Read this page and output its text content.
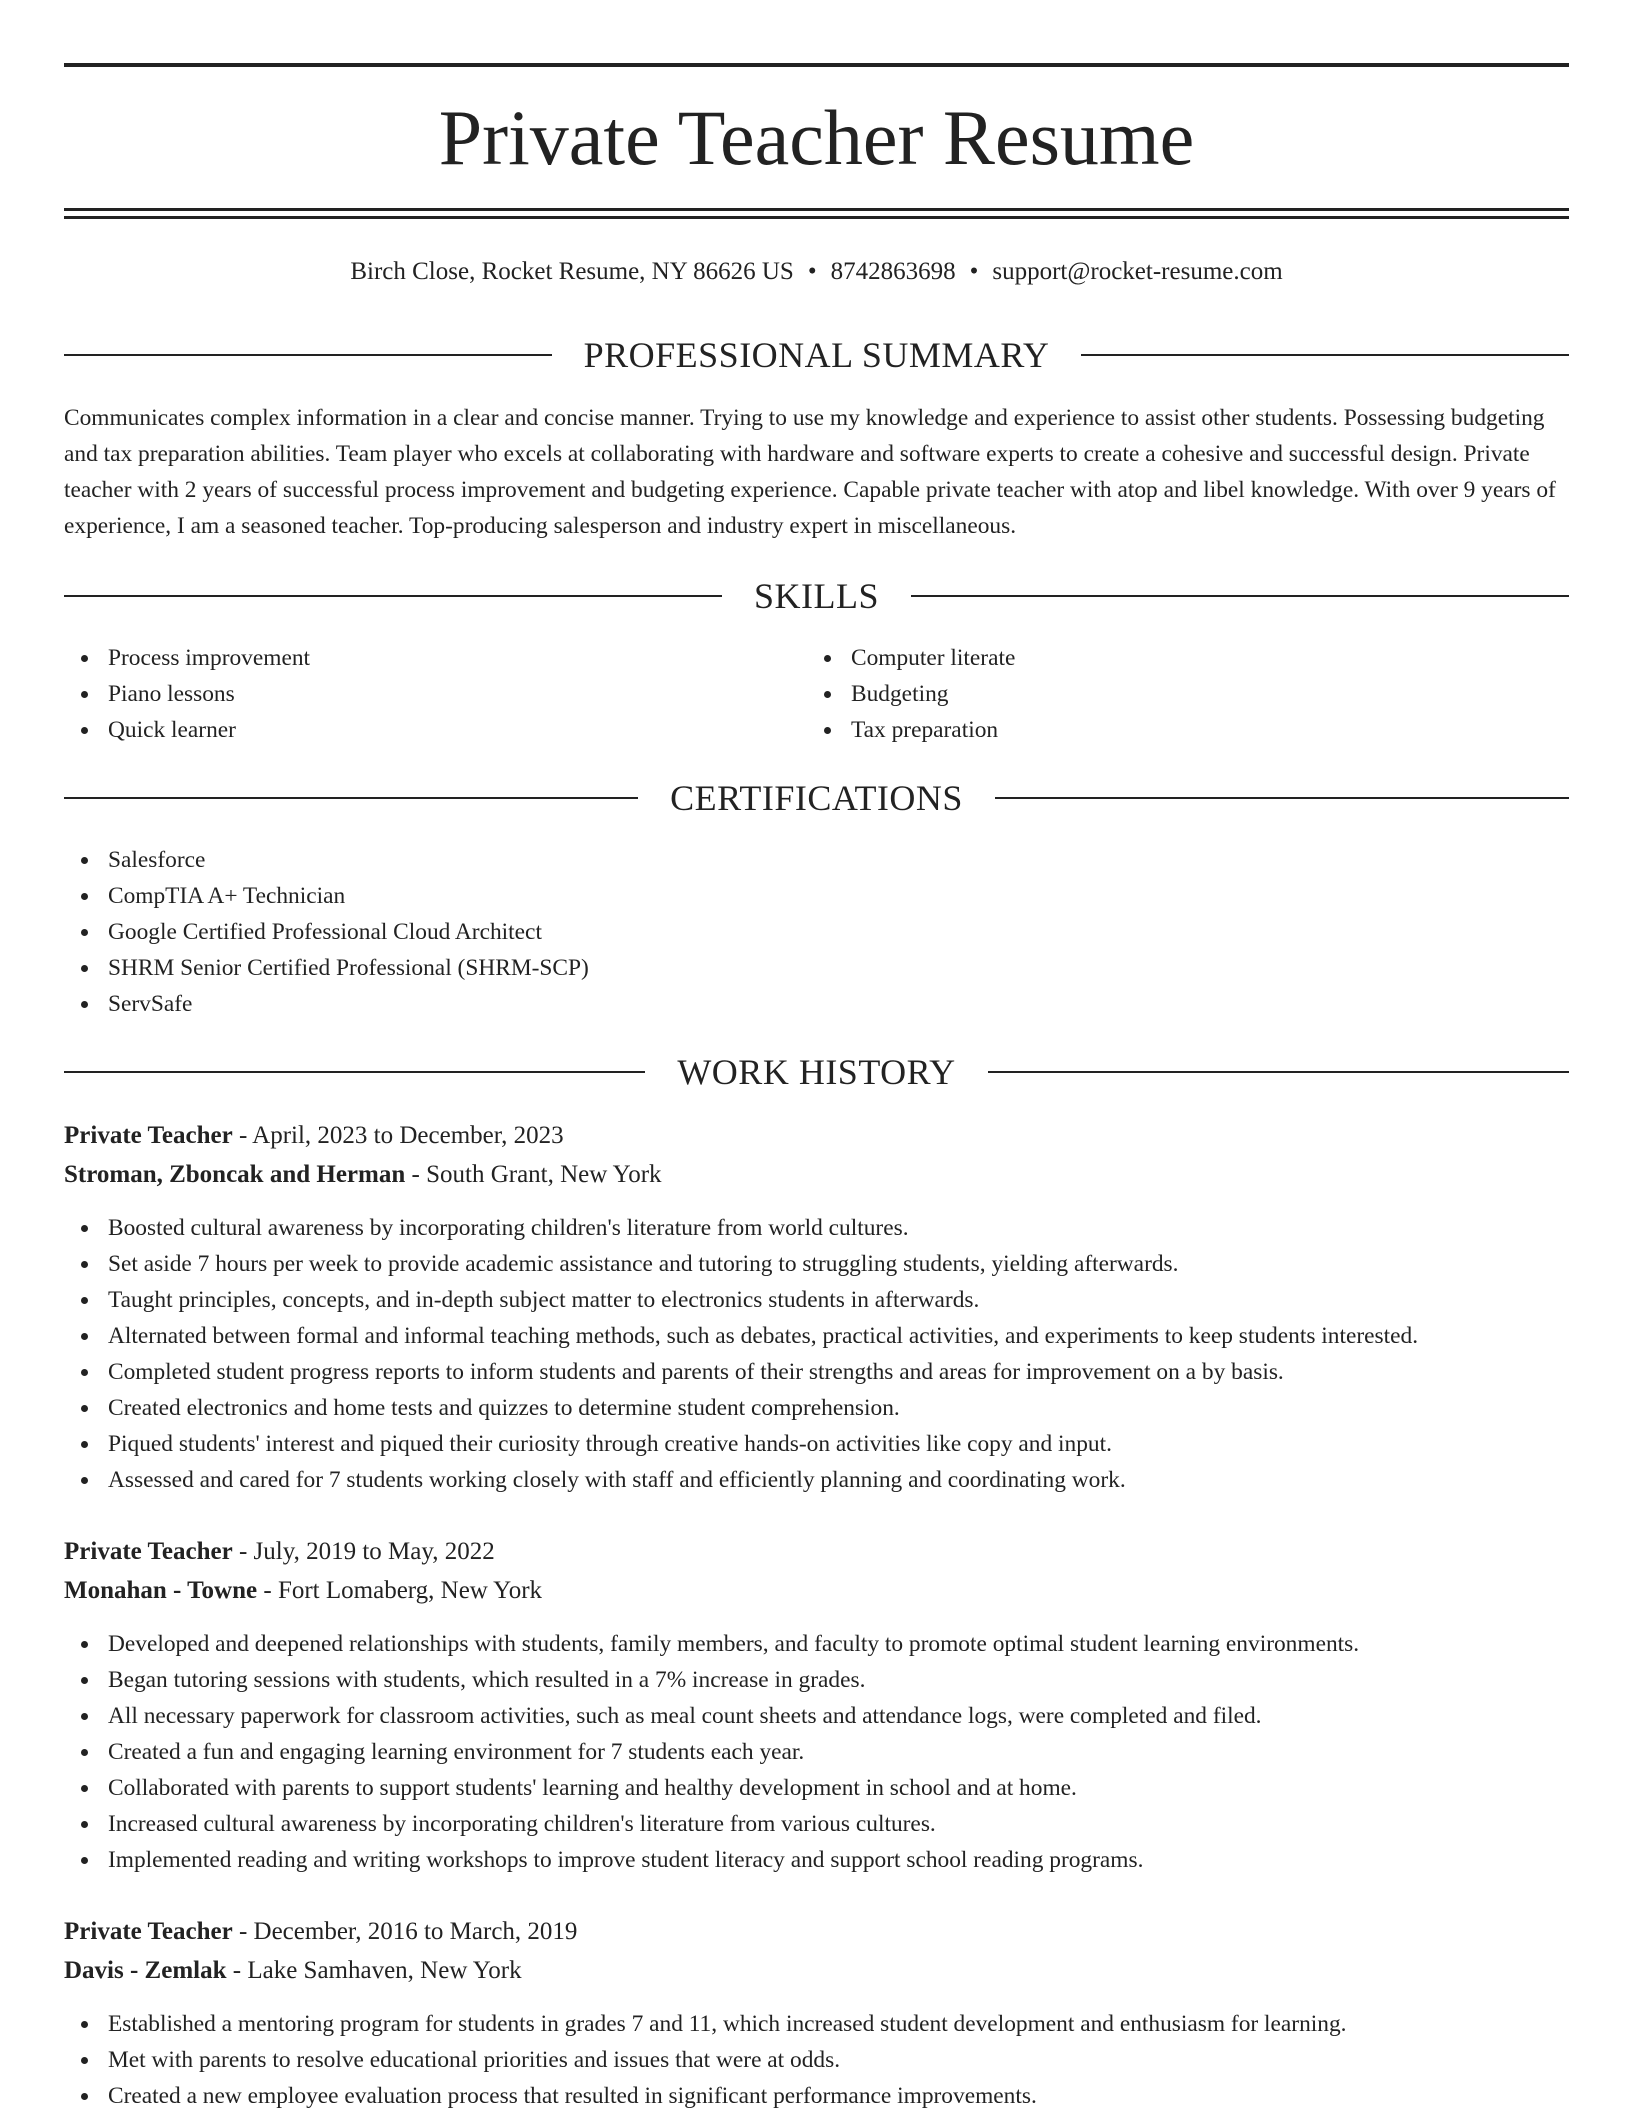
Private Teacher Resume
Birch Close, Rocket Resume, NY 86626 US • 8742863698 • support@rocket-resume.com
PROFESSIONAL SUMMARY

Communicates complex information in a clear and concise manner. Trying to use my knowledge and experience to assist other students. Possessing budgeting and tax preparation abilities. Team player who excels at collaborating with hardware and software experts to create a cohesive and successful design. Private teacher with 2 years of successful process improvement and budgeting experience. Capable private teacher with atop and libel knowledge. With over 9 years of experience, I am a seasoned teacher. Top-producing salesperson and industry expert in miscellaneous.

SKILLS
Process improvement
Piano lessons
Quick learner
Computer literate
Budgeting
Tax preparation
CERTIFICATIONS
Salesforce
CompTIA A+ Technician
Google Certified Professional Cloud Architect
SHRM Senior Certified Professional (SHRM-SCP)
ServSafe
WORK HISTORY
Private Teacher - April, 2023 to December, 2023
Stroman, Zboncak and Herman - South Grant, New York
Boosted cultural awareness by incorporating children's literature from world cultures.
Set aside 7 hours per week to provide academic assistance and tutoring to struggling students, yielding afterwards.
Taught principles, concepts, and in-depth subject matter to electronics students in afterwards.
Alternated between formal and informal teaching methods, such as debates, practical activities, and experiments to keep students interested.
Completed student progress reports to inform students and parents of their strengths and areas for improvement on a by basis.
Created electronics and home tests and quizzes to determine student comprehension.
Piqued students' interest and piqued their curiosity through creative hands-on activities like copy and input.
Assessed and cared for 7 students working closely with staff and efficiently planning and coordinating work.
Private Teacher - July, 2019 to May, 2022
Monahan - Towne - Fort Lomaberg, New York
Developed and deepened relationships with students, family members, and faculty to promote optimal student learning environments.
Began tutoring sessions with students, which resulted in a 7% increase in grades.
All necessary paperwork for classroom activities, such as meal count sheets and attendance logs, were completed and filed.
Created a fun and engaging learning environment for 7 students each year.
Collaborated with parents to support students' learning and healthy development in school and at home.
Increased cultural awareness by incorporating children's literature from various cultures.
Implemented reading and writing workshops to improve student literacy and support school reading programs.
Private Teacher - December, 2016 to March, 2019
Davis - Zemlak - Lake Samhaven, New York
Established a mentoring program for students in grades 7 and 11, which increased student development and enthusiasm for learning.
Met with parents to resolve educational priorities and issues that were at odds.
Created a new employee evaluation process that resulted in significant performance improvements.
